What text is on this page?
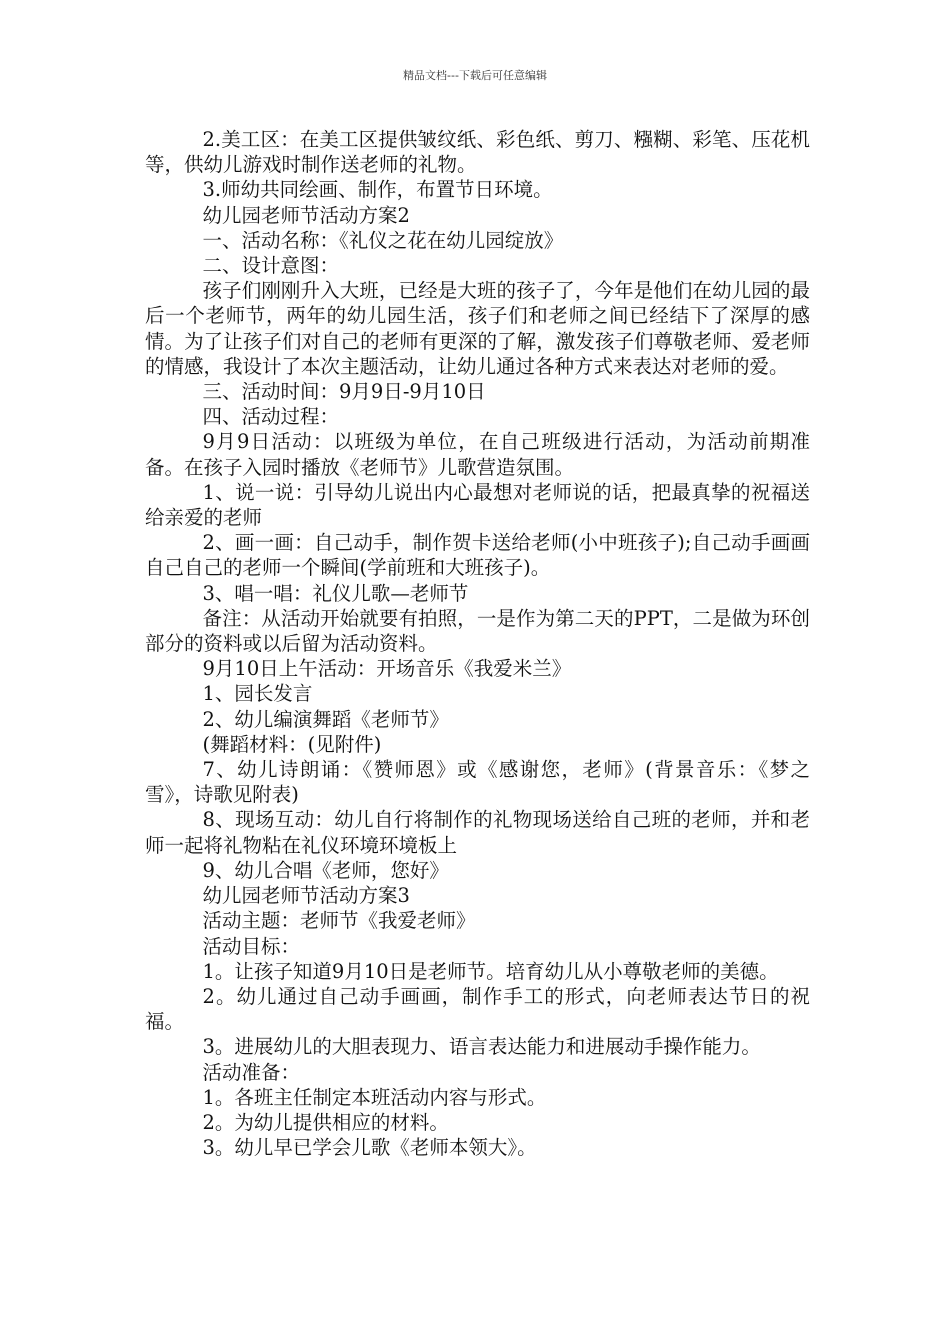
精品文档---下载后可任意编辑

2.美工区：在美工区提供皱纹纸、彩色纸、剪刀、糨糊、彩笔、压花机等，供幼儿游戏时制作送老师的礼物。

3.师幼共同绘画、制作，布置节日环境。

幼儿园老师节活动方案2

一、活动名称：《礼仪之花在幼儿园绽放》

二、设计意图：

孩子们刚刚升入大班，已经是大班的孩子了，今年是他们在幼儿园的最后一个老师节，两年的幼儿园生活，孩子们和老师之间已经结下了深厚的感情。为了让孩子们对自己的老师有更深的了解，激发孩子们尊敬老师、爱老师的情感，我设计了本次主题活动，让幼儿通过各种方式来表达对老师的爱。

三、活动时间：9月9日-9月10日

四、活动过程：

9月9日活动：以班级为单位，在自己班级进行活动，为活动前期准备。在孩子入园时播放《老师节》儿歌营造氛围。

1、说一说：引导幼儿说出内心最想对老师说的话，把最真挚的祝福送给亲爱的老师

2、画一画：自己动手，制作贺卡送给老师(小中班孩子);自己动手画画自己自己的老师一个瞬间(学前班和大班孩子)。

3、唱一唱：礼仪儿歌—老师节

备注：从活动开始就要有拍照，一是作为第二天的PPT，二是做为环创部分的资料或以后留为活动资料。

9月10日上午活动：开场音乐《我爱米兰》

1、园长发言

2、幼儿编演舞蹈《老师节》

(舞蹈材料：(见附件)

7、幼儿诗朗诵：《赞师恩》或《感谢您，老师》(背景音乐：《梦之雪》，诗歌见附表)

8、现场互动：幼儿自行将制作的礼物现场送给自己班的老师，并和老师一起将礼物粘在礼仪环境环境板上

9、幼儿合唱《老师，您好》

幼儿园老师节活动方案3

活动主题：老师节《我爱老师》

活动目标：

1。让孩子知道9月10日是老师节。培育幼儿从小尊敬老师的美德。

2。幼儿通过自己动手画画，制作手工的形式，向老师表达节日的祝福。

3。进展幼儿的大胆表现力、语言表达能力和进展动手操作能力。

活动准备：

1。各班主任制定本班活动内容与形式。

2。为幼儿提供相应的材料。

3。幼儿早已学会儿歌《老师本领大》。
